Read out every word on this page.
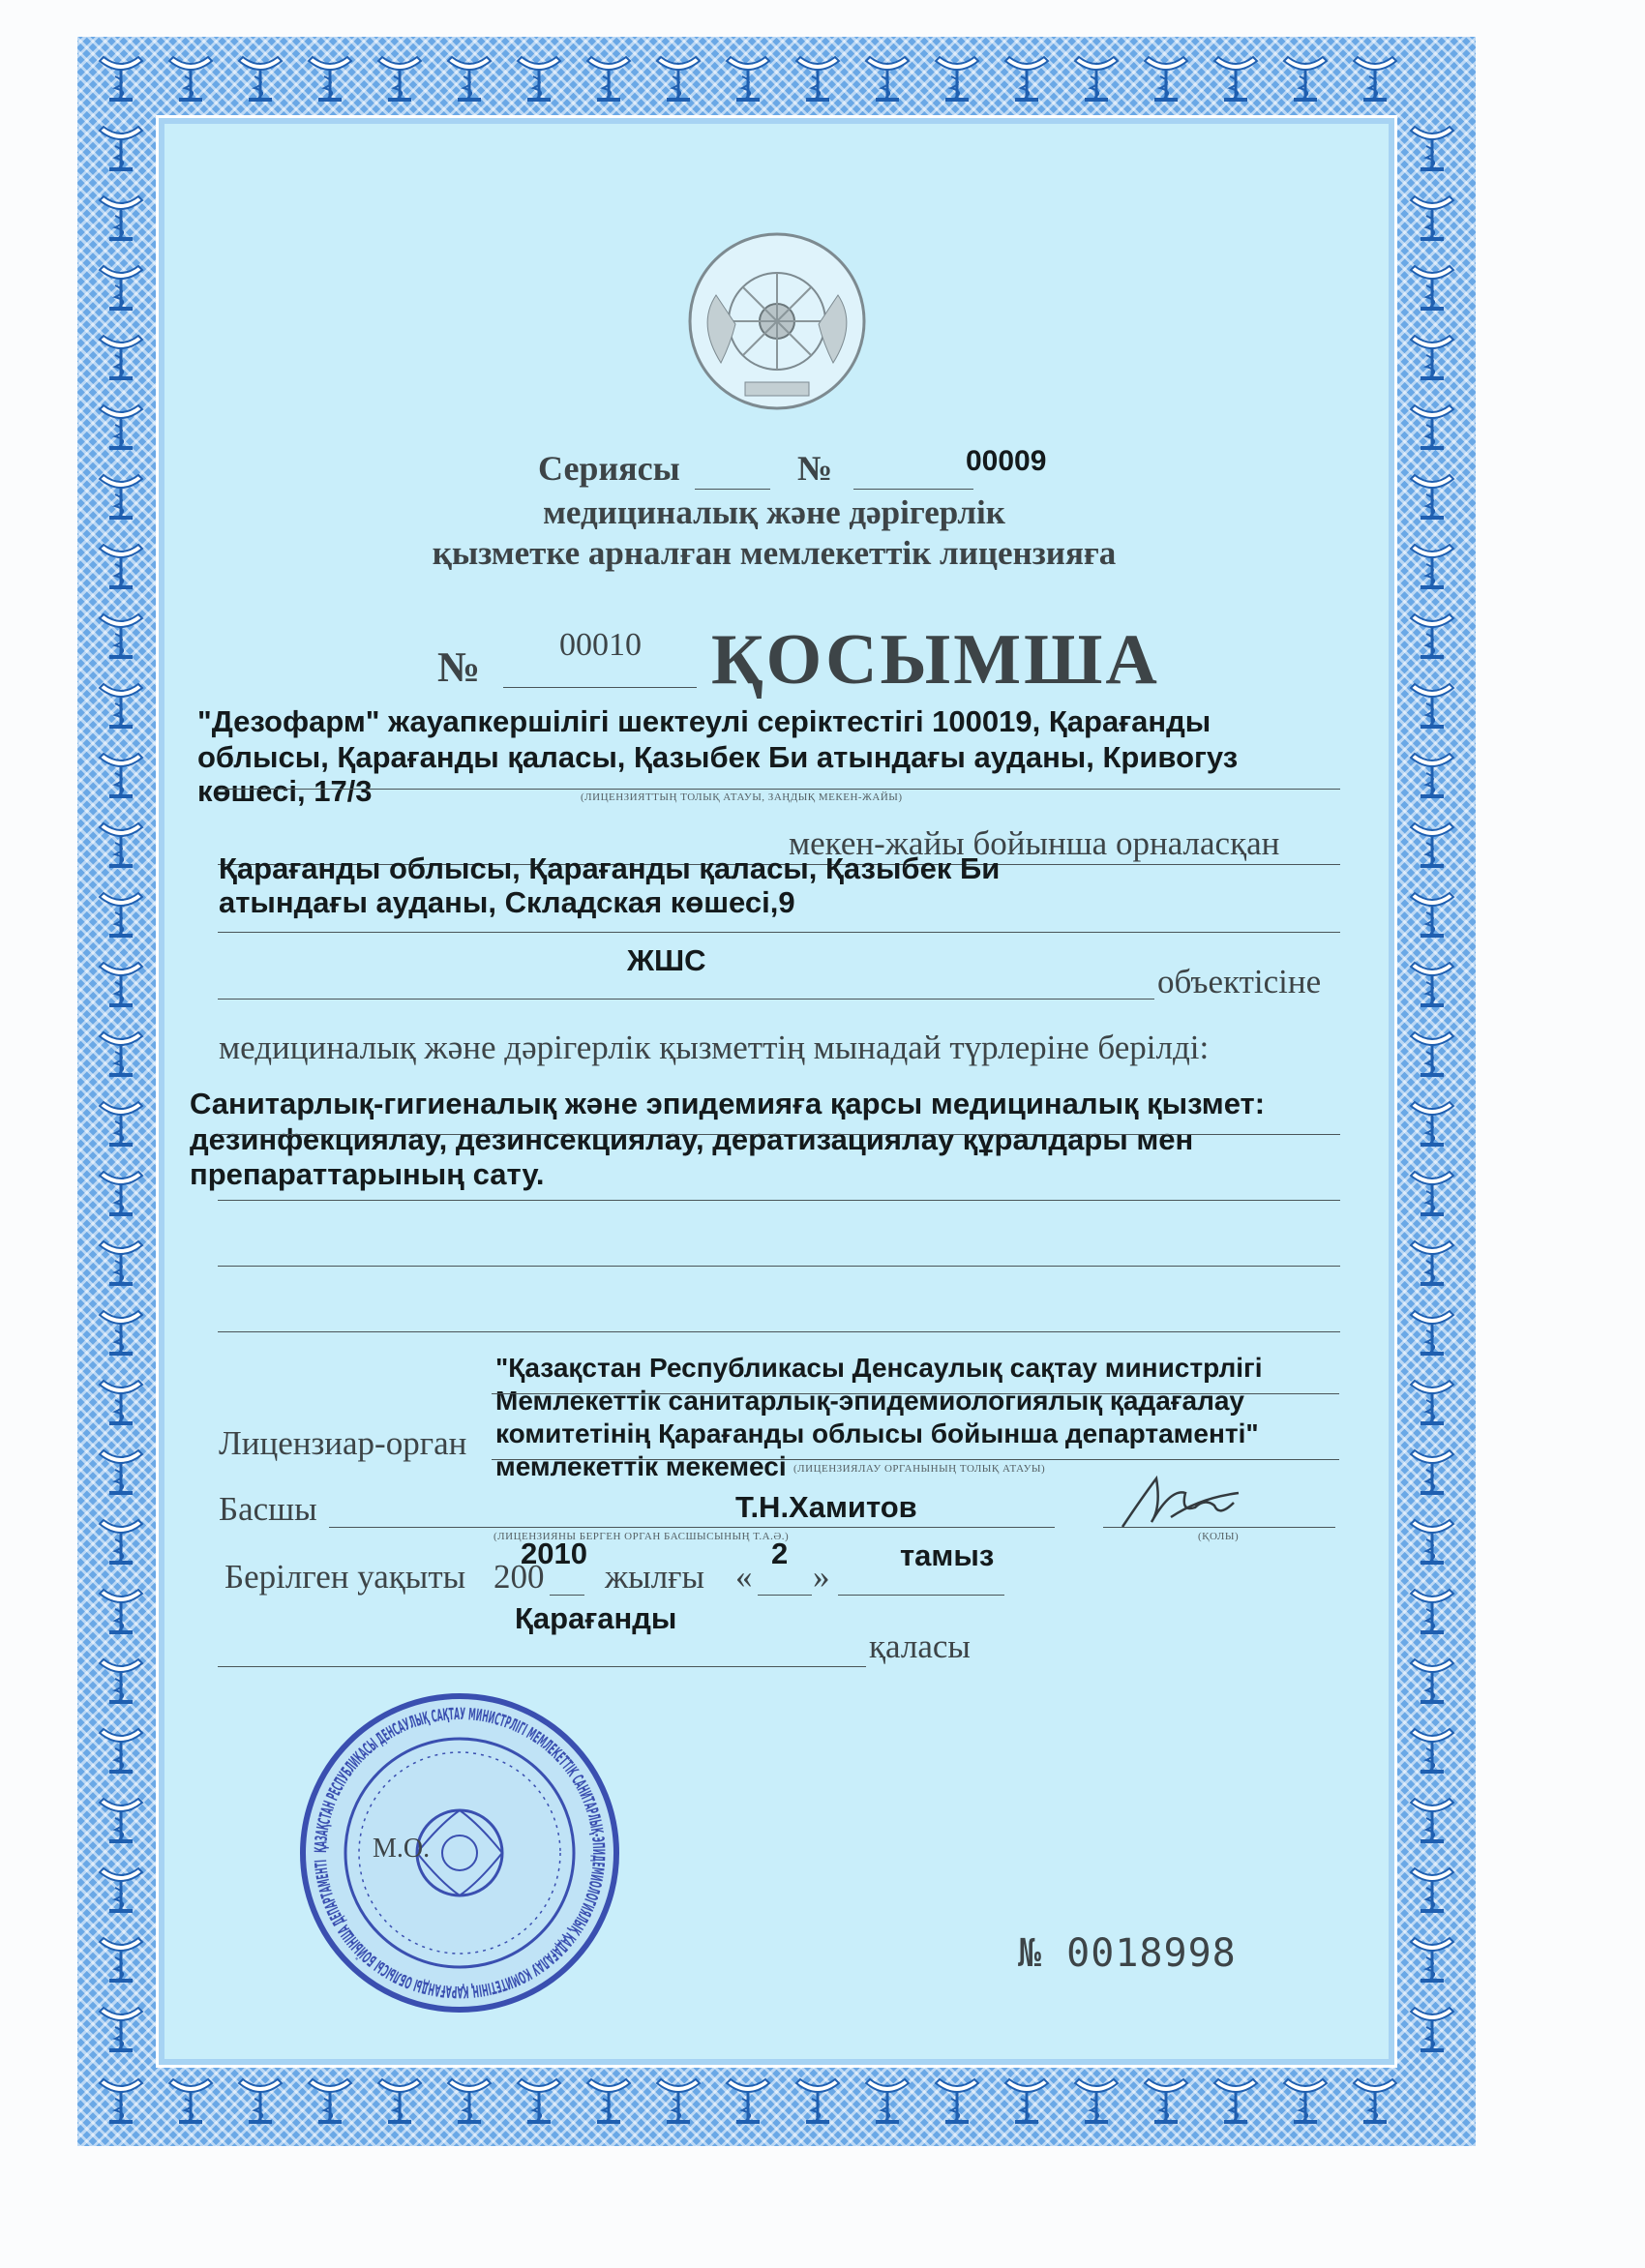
Сериясы	№	00009
медициналық және дәрігерлік
қызметке арналған мемлекеттік лицензияға
№ 00010 ҚОСЫМША
"Дезофарм" жауапкершілігі шектеулі серіктестігі 100019, Қарағанды
облысы, Қарағанды қаласы, Қазыбек Би атындағы ауданы, Кривогуз
көшесі, 17/3	(ЛИЦЕНЗИЯТТЫҢ ТОЛЫҚ АТАУЫ, ЗАҢДЫҚ МЕКЕН-ЖАЙЫ)
мекен-жайы бойынша орналасқан
Қарағанды облысы, Қарағанды қаласы, Қазыбек Би
атындағы ауданы, Складская көшесі,9
ЖШС
объектісіне
медициналық және дәрігерлік қызметтің мынадай түрлеріне берілді:
Санитарлық-гигиеналық және эпидемияға қарсы медициналық қызмет:
дезинфекциялау, дезинсекциялау, дератизациялау құралдары мен
препараттарының сату.
"Қазақстан Республикасы Денсаулық сақтау министрлігі
Мемлекеттік санитарлық-эпидемиологиялық қадағалау
комитетінің Қарағанды облысы бойынша департаменті"
мемлекеттік мекемесі
Лицензиар-орган
(ЛИЦЕНЗИЯЛАУ ОРГАНЫНЫҢ ТОЛЫҚ АТАУЫ)
Басшы	Т.Н.Хамитов
(ЛИЦЕНЗИЯНЫ БЕРГЕН ОРГАН БАСШЫСЫНЫҢ Т.А.Ә.)	(ҚОЛЫ)
Берілген уақыты 200
2010
жылғы «
2
»
тамыз
Қарағанды
қаласы
ҚАЗАҚСТАН РЕСПУБЛИКАСЫ ДЕНСАУЛЫҚ САҚТАУ МИНИСТРЛІГІ МЕМЛЕКЕТТІК САНИТАРЛЫҚ-ЭПИДЕМИОЛОГИЯЛЫҚ ҚАДАҒАЛАУ КОМИТЕТІНІҢ ҚАРАҒАНДЫ ОБЛЫСЫ БОЙЫНША ДЕПАРТАМЕНТ	М.О.
№ 0018998
